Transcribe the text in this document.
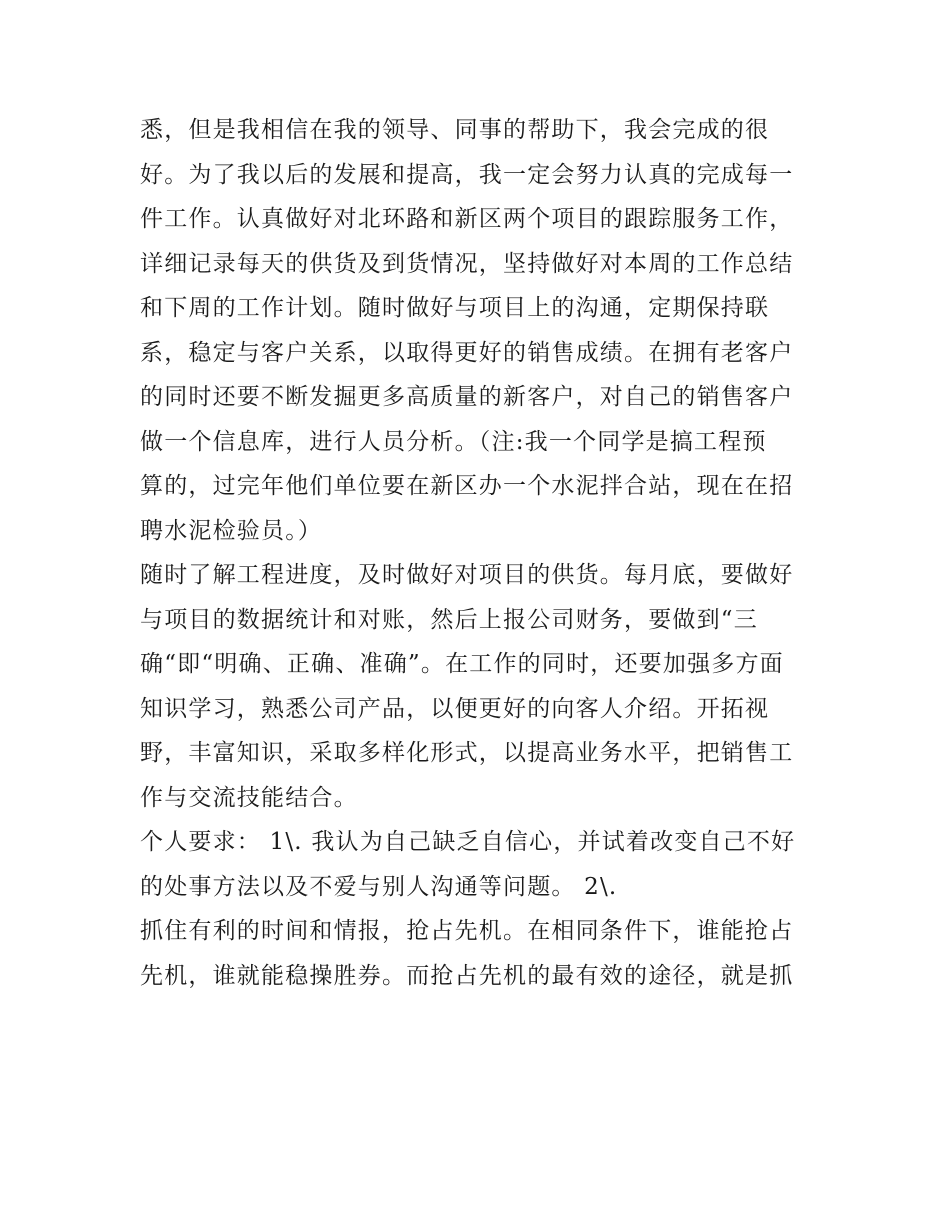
悉，但是我相信在我的领导、同事的帮助下，我会完成的很
好。为了我以后的发展和提高，我一定会努力认真的完成每一
件工作。认真做好对北环路和新区两个项目的跟踪服务工作，
详细记录每天的供货及到货情况，坚持做好对本周的工作总结
和下周的工作计划。随时做好与项目上的沟通，定期保持联
系，稳定与客户关系，以取得更好的销售成绩。在拥有老客户
的同时还要不断发掘更多高质量的新客户，对自己的销售客户
做一个信息库，进行人员分析。（注:我一个同学是搞工程预
算的，过完年他们单位要在新区办一个水泥拌合站，现在在招
聘水泥检验员。）
随时了解工程进度，及时做好对项目的供货。每月底，要做好
与项目的数据统计和对账，然后上报公司财务，要做到“三
确“即“明确、正确、准确”。在工作的同时，还要加强多方面
知识学习，熟悉公司产品，以便更好的向客人介绍。开拓视
野，丰富知识，采取多样化形式，以提高业务水平，把销售工
作与交流技能结合。
个人要求： 1\. 我认为自己缺乏自信心，并试着改变自己不好
的处事方法以及不爱与别人沟通等问题。 2\.
抓住有利的时间和情报，抢占先机。在相同条件下，谁能抢占
先机，谁就能稳操胜券。而抢占先机的最有效的途径，就是抓
